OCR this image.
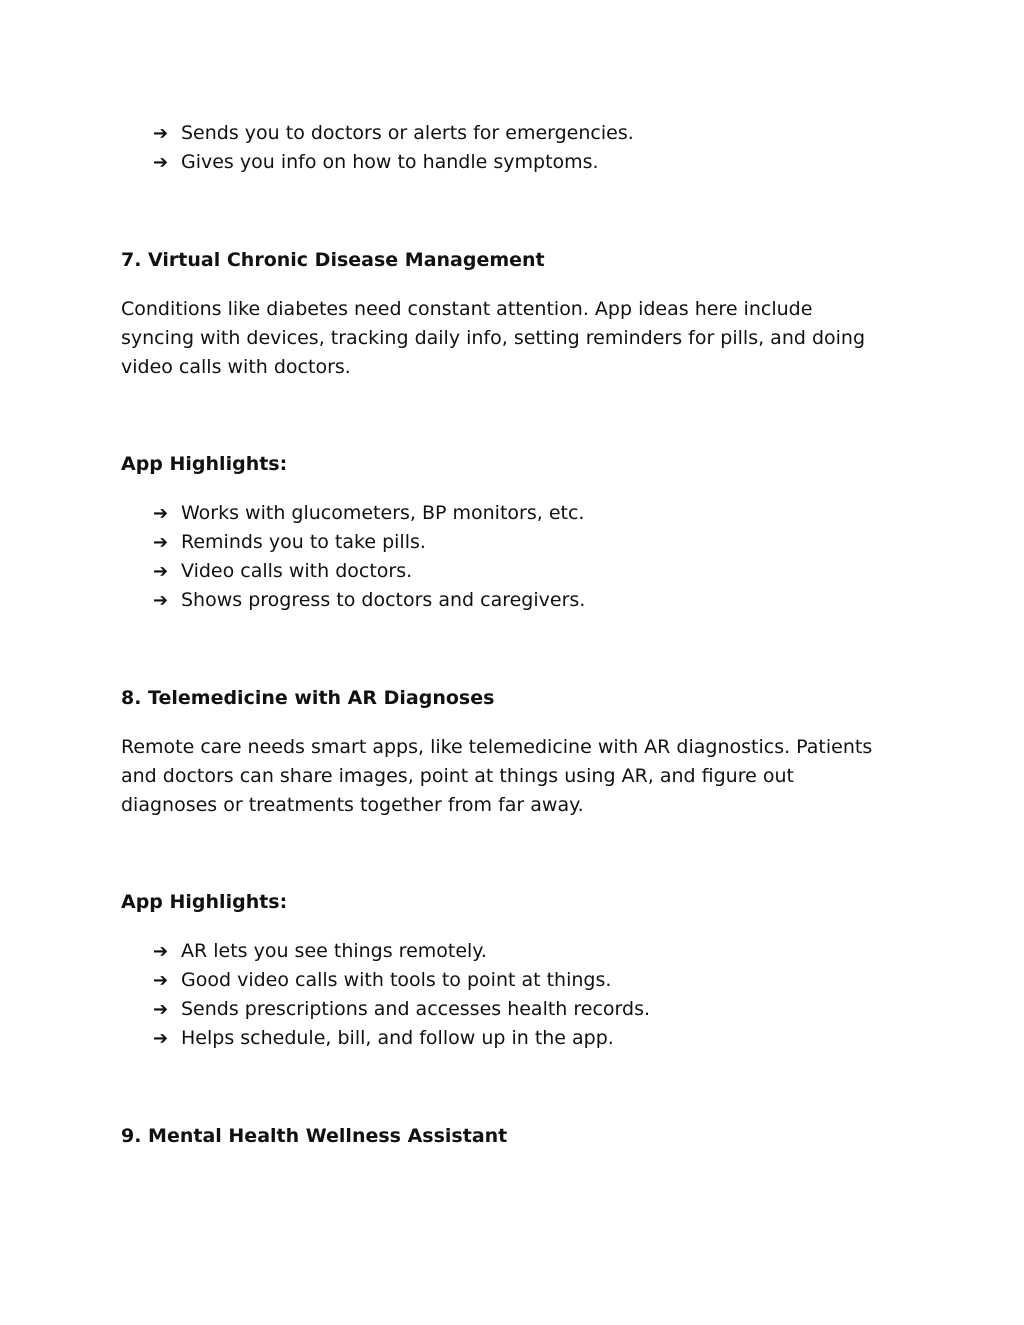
➔ Sends you to doctors or alerts for emergencies.
➔ Gives you info on how to handle symptoms.
7. Virtual Chronic Disease Management

Conditions like diabetes need constant attention. App ideas here include

syncing with devices, tracking daily info, setting reminders for pills, and doing

video calls with doctors.

App Highlights:
➔ Works with glucometers, BP monitors, etc.
➔ Reminds you to take pills.
➔ Video calls with doctors.
➔ Shows progress to doctors and caregivers.
8. Telemedicine with AR Diagnoses

Remote care needs smart apps, like telemedicine with AR diagnostics. Patients

and doctors can share images, point at things using AR, and figure out

diagnoses or treatments together from far away.

App Highlights:
➔ AR lets you see things remotely.
➔ Good video calls with tools to point at things.
➔ Sends prescriptions and accesses health records.
➔ Helps schedule, bill, and follow up in the app.
9. Mental Health Wellness Assistant
